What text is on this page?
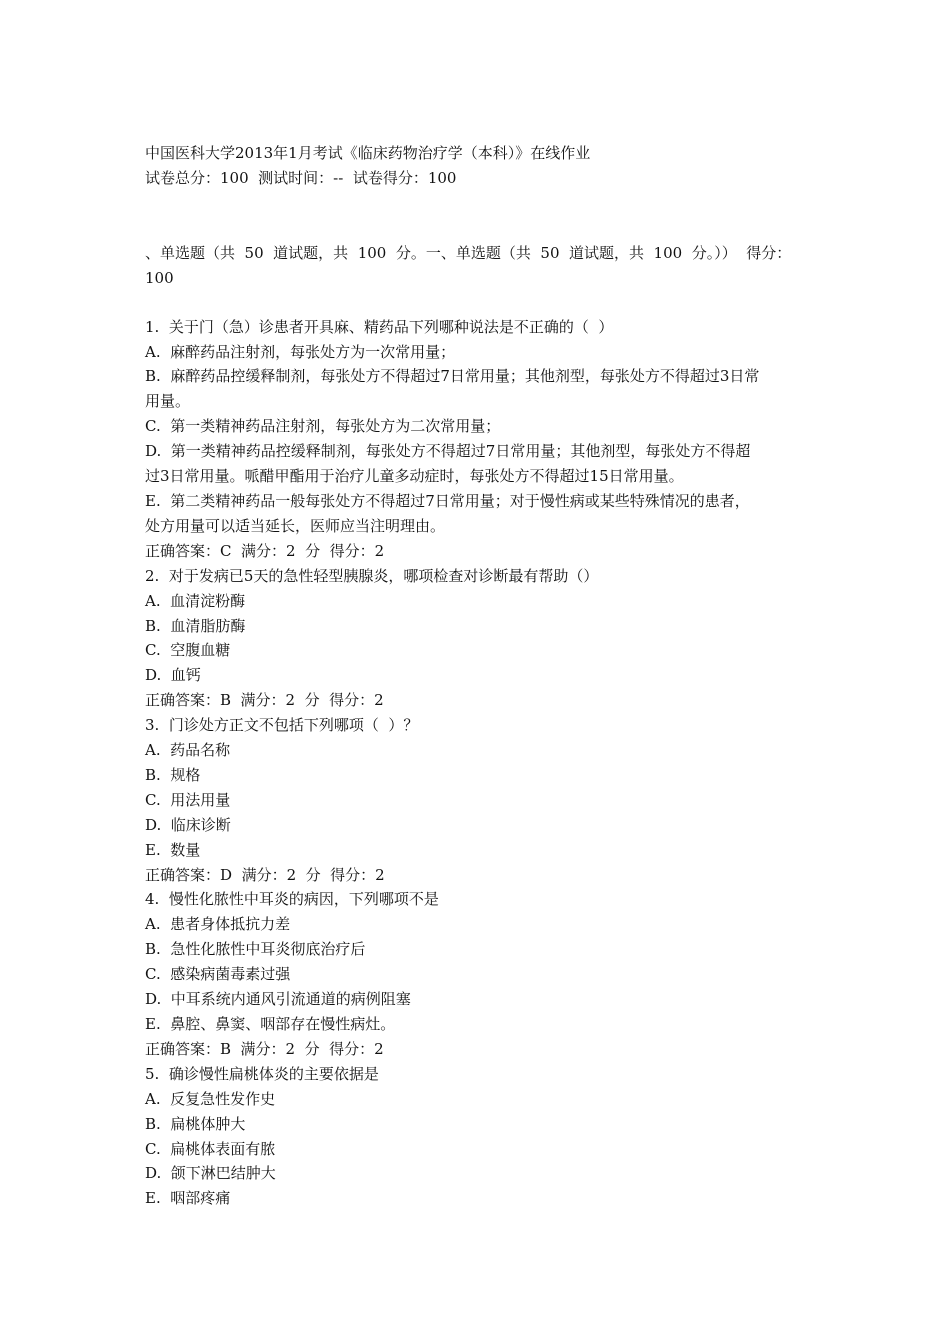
中国医科大学2013年1月考试《临床药物治疗学（本科）》在线作业

试卷总分：100  测试时间：--  试卷得分：100

、单选题（共  50  道试题，共  100  分。一、单选题（共  50  道试题，共  100  分。））  得分：

100

1.  关于门（急）诊患者开具麻、精药品下列哪种说法是不正确的（  ）

A.  麻醉药品注射剂，每张处方为一次常用量；

B.  麻醉药品控缓释制剂，每张处方不得超过7日常用量；其他剂型，每张处方不得超过3日常

用量。

C.  第一类精神药品注射剂，每张处方为二次常用量；

D.  第一类精神药品控缓释制剂，每张处方不得超过7日常用量；其他剂型，每张处方不得超

过3日常用量。哌醋甲酯用于治疗儿童多动症时，每张处方不得超过15日常用量。

E.  第二类精神药品一般每张处方不得超过7日常用量；对于慢性病或某些特殊情况的患者，

处方用量可以适当延长，医师应当注明理由。

正确答案：C  满分：2  分  得分：2

2.  对于发病已5天的急性轻型胰腺炎，哪项检查对诊断最有帮助（）

A.  血清淀粉酶

B.  血清脂肪酶

C.  空腹血糖

D.  血钙

正确答案：B  满分：2  分  得分：2

3.  门诊处方正文不包括下列哪项（  ）？

A.  药品名称

B.  规格

C.  用法用量

D.  临床诊断

E.  数量

正确答案：D  满分：2  分  得分：2

4.  慢性化脓性中耳炎的病因，下列哪项不是

A.  患者身体抵抗力差

B.  急性化脓性中耳炎彻底治疗后

C.  感染病菌毒素过强

D.  中耳系统内通风引流通道的病例阻塞

E.  鼻腔、鼻窦、咽部存在慢性病灶。

正确答案：B  满分：2  分  得分：2

5.  确诊慢性扁桃体炎的主要依据是

A.  反复急性发作史

B.  扁桃体肿大

C.  扁桃体表面有脓

D.  颌下淋巴结肿大

E.  咽部疼痛
